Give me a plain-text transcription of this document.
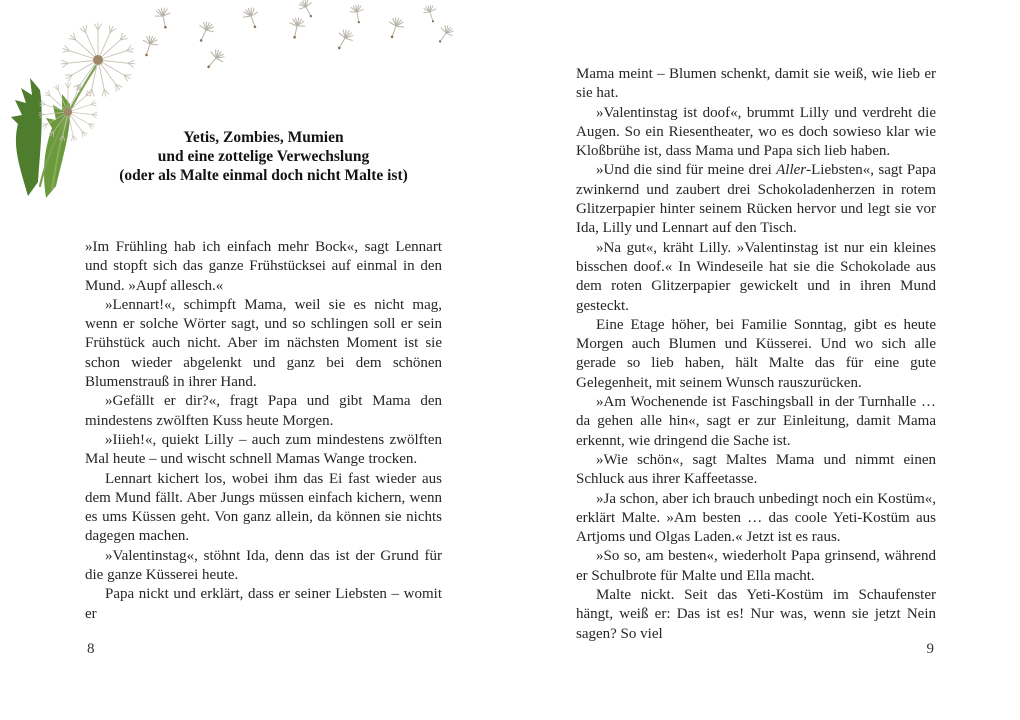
Yetis, Zombies, Mumien
und eine zottelige Verwechslung
(oder als Malte einmal doch nicht Malte ist)

»Im Frühling hab ich einfach mehr Bock«, sagt Lennart und stopft sich das ganze Frühstücksei auf einmal in den Mund. »Aupf allesch.«

»Lennart!«, schimpft Mama, weil sie es nicht mag, wenn er solche Wörter sagt, und so schlingen soll er sein Frühstück auch nicht. Aber im nächsten Moment ist sie schon wieder abgelenkt und ganz bei dem schönen Blumenstrauß in ihrer Hand.

»Gefällt er dir?«, fragt Papa und gibt Mama den mindestens zwölften Kuss heute Morgen.

»Iiieh!«, quiekt Lilly – auch zum mindestens zwölften Mal heute – und wischt schnell Mamas Wange trocken.

Lennart kichert los, wobei ihm das Ei fast wieder aus dem Mund fällt. Aber Jungs müssen einfach kichern, wenn es ums Küssen geht. Von ganz allein, da können sie nichts dagegen machen.

»Valentinstag«, stöhnt Ida, denn das ist der Grund für die ganze Küsserei heute.

Papa nickt und erklärt, dass er seiner Liebsten – womit er

8

Mama meint – Blumen schenkt, damit sie weiß, wie lieb er sie hat.

»Valentinstag ist doof«, brummt Lilly und verdreht die Augen. So ein Riesentheater, wo es doch sowieso klar wie Kloßbrühe ist, dass Mama und Papa sich lieb haben.

»Und die sind für meine drei Aller-Liebsten«, sagt Papa zwinkernd und zaubert drei Schokoladenherzen in rotem Glitzerpapier hinter seinem Rücken hervor und legt sie vor Ida, Lilly und Lennart auf den Tisch.

»Na gut«, kräht Lilly. »Valentinstag ist nur ein kleines bisschen doof.« In Windeseile hat sie die Schokolade aus dem roten Glitzerpapier gewickelt und in ihren Mund gesteckt.

Eine Etage höher, bei Familie Sonntag, gibt es heute Morgen auch Blumen und Küsserei. Und wo sich alle gerade so lieb haben, hält Malte das für eine gute Gelegenheit, mit seinem Wunsch rauszurücken.

»Am Wochenende ist Faschingsball in der Turnhalle … da gehen alle hin«, sagt er zur Einleitung, damit Mama erkennt, wie dringend die Sache ist.

»Wie schön«, sagt Maltes Mama und nimmt einen Schluck aus ihrer Kaffeetasse.

»Ja schon, aber ich brauch unbedingt noch ein Kostüm«, erklärt Malte. »Am besten … das coole Yeti-Kostüm aus Artjoms und Olgas Laden.« Jetzt ist es raus.

»So so, am besten«, wiederholt Papa grinsend, während er Schulbrote für Malte und Ella macht.

Malte nickt. Seit das Yeti-Kostüm im Schaufenster hängt, weiß er: Das ist es! Nur was, wenn sie jetzt Nein sagen? So viel

9
